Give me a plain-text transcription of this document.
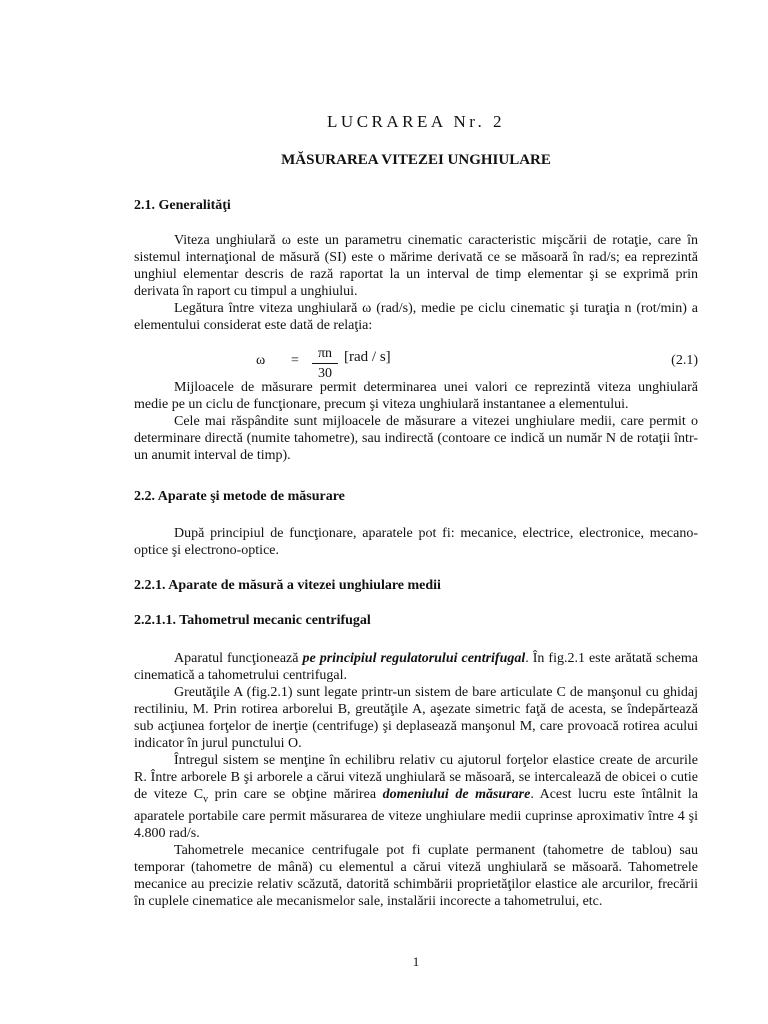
LUCRAREA Nr. 2
MĂSURAREA VITEZEI UNGHIULARE
2.1. Generalităţi

Viteza unghiulară ω este un parametru cinematic caracteristic mişcării de rotaţie, care în sistemul internaţional de măsură (SI) este o mărime derivată ce se măsoară în rad/s; ea reprezintă unghiul elementar descris de rază raportat la un interval de timp elementar şi se exprimă prin derivata în raport cu timpul a unghiului.

Legătura între viteza unghiulară ω (rad/s), medie pe ciclu cinematic şi turaţia n (rot/min) a elementului considerat este dată de relaţia:

ω =	πn
30
[rad / s]	(2.1)

Mijloacele de măsurare permit determinarea unei valori ce reprezintă viteza unghiulară medie pe un ciclu de funcţionare, precum şi viteza unghiulară instantanee a elementului.

Cele mai răspândite sunt mijloacele de măsurare a vitezei unghiulare medii, care permit o determinare directă (numite tahometre), sau indirectă (contoare ce indică un număr N de rotaţii într-un anumit interval de timp).

2.2. Aparate şi metode de măsurare

După principiul de funcţionare, aparatele pot fi: mecanice, electrice, electronice, mecano-optice şi electrono-optice.

2.2.1. Aparate de măsură a vitezei unghiulare medii
2.2.1.1. Tahometrul mecanic centrifugal

Aparatul funcţionează pe principiul regulatorului centrifugal. În fig.2.1 este arătată schema cinematică a tahometrului centrifugal.

Greutăţile A (fig.2.1) sunt legate printr-un sistem de bare articulate C de manşonul cu ghidaj rectiliniu, M. Prin rotirea arborelui B, greutăţile A, aşezate simetric faţă de acesta, se îndepărtează sub acţiunea forţelor de inerţie (centrifuge) şi deplasează manşonul M, care provoacă rotirea acului indicator în jurul punctului O.

Întregul sistem se menţine în echilibru relativ cu ajutorul forţelor elastice create de arcurile R. Între arborele B şi arborele a cărui viteză unghiulară se măsoară, se intercalează de obicei o cutie de viteze $C_v$ prin care se obţine mărirea domeniului de măsurare. Acest lucru este întâlnit la aparatele portabile care permit măsurarea de viteze unghiulare medii cuprinse aproximativ între 4 şi 4.800 rad/s.

Tahometrele mecanice centrifugale pot fi cuplate permanent (tahometre de tablou) sau temporar (tahometre de mână) cu elementul a cărui viteză unghiulară se măsoară. Tahometrele mecanice au precizie relativ scăzută, datorită schimbării proprietăţilor elastice ale arcurilor, frecării în cuplele cinematice ale mecanismelor sale, instalării incorecte a tahometrului, etc.

1
